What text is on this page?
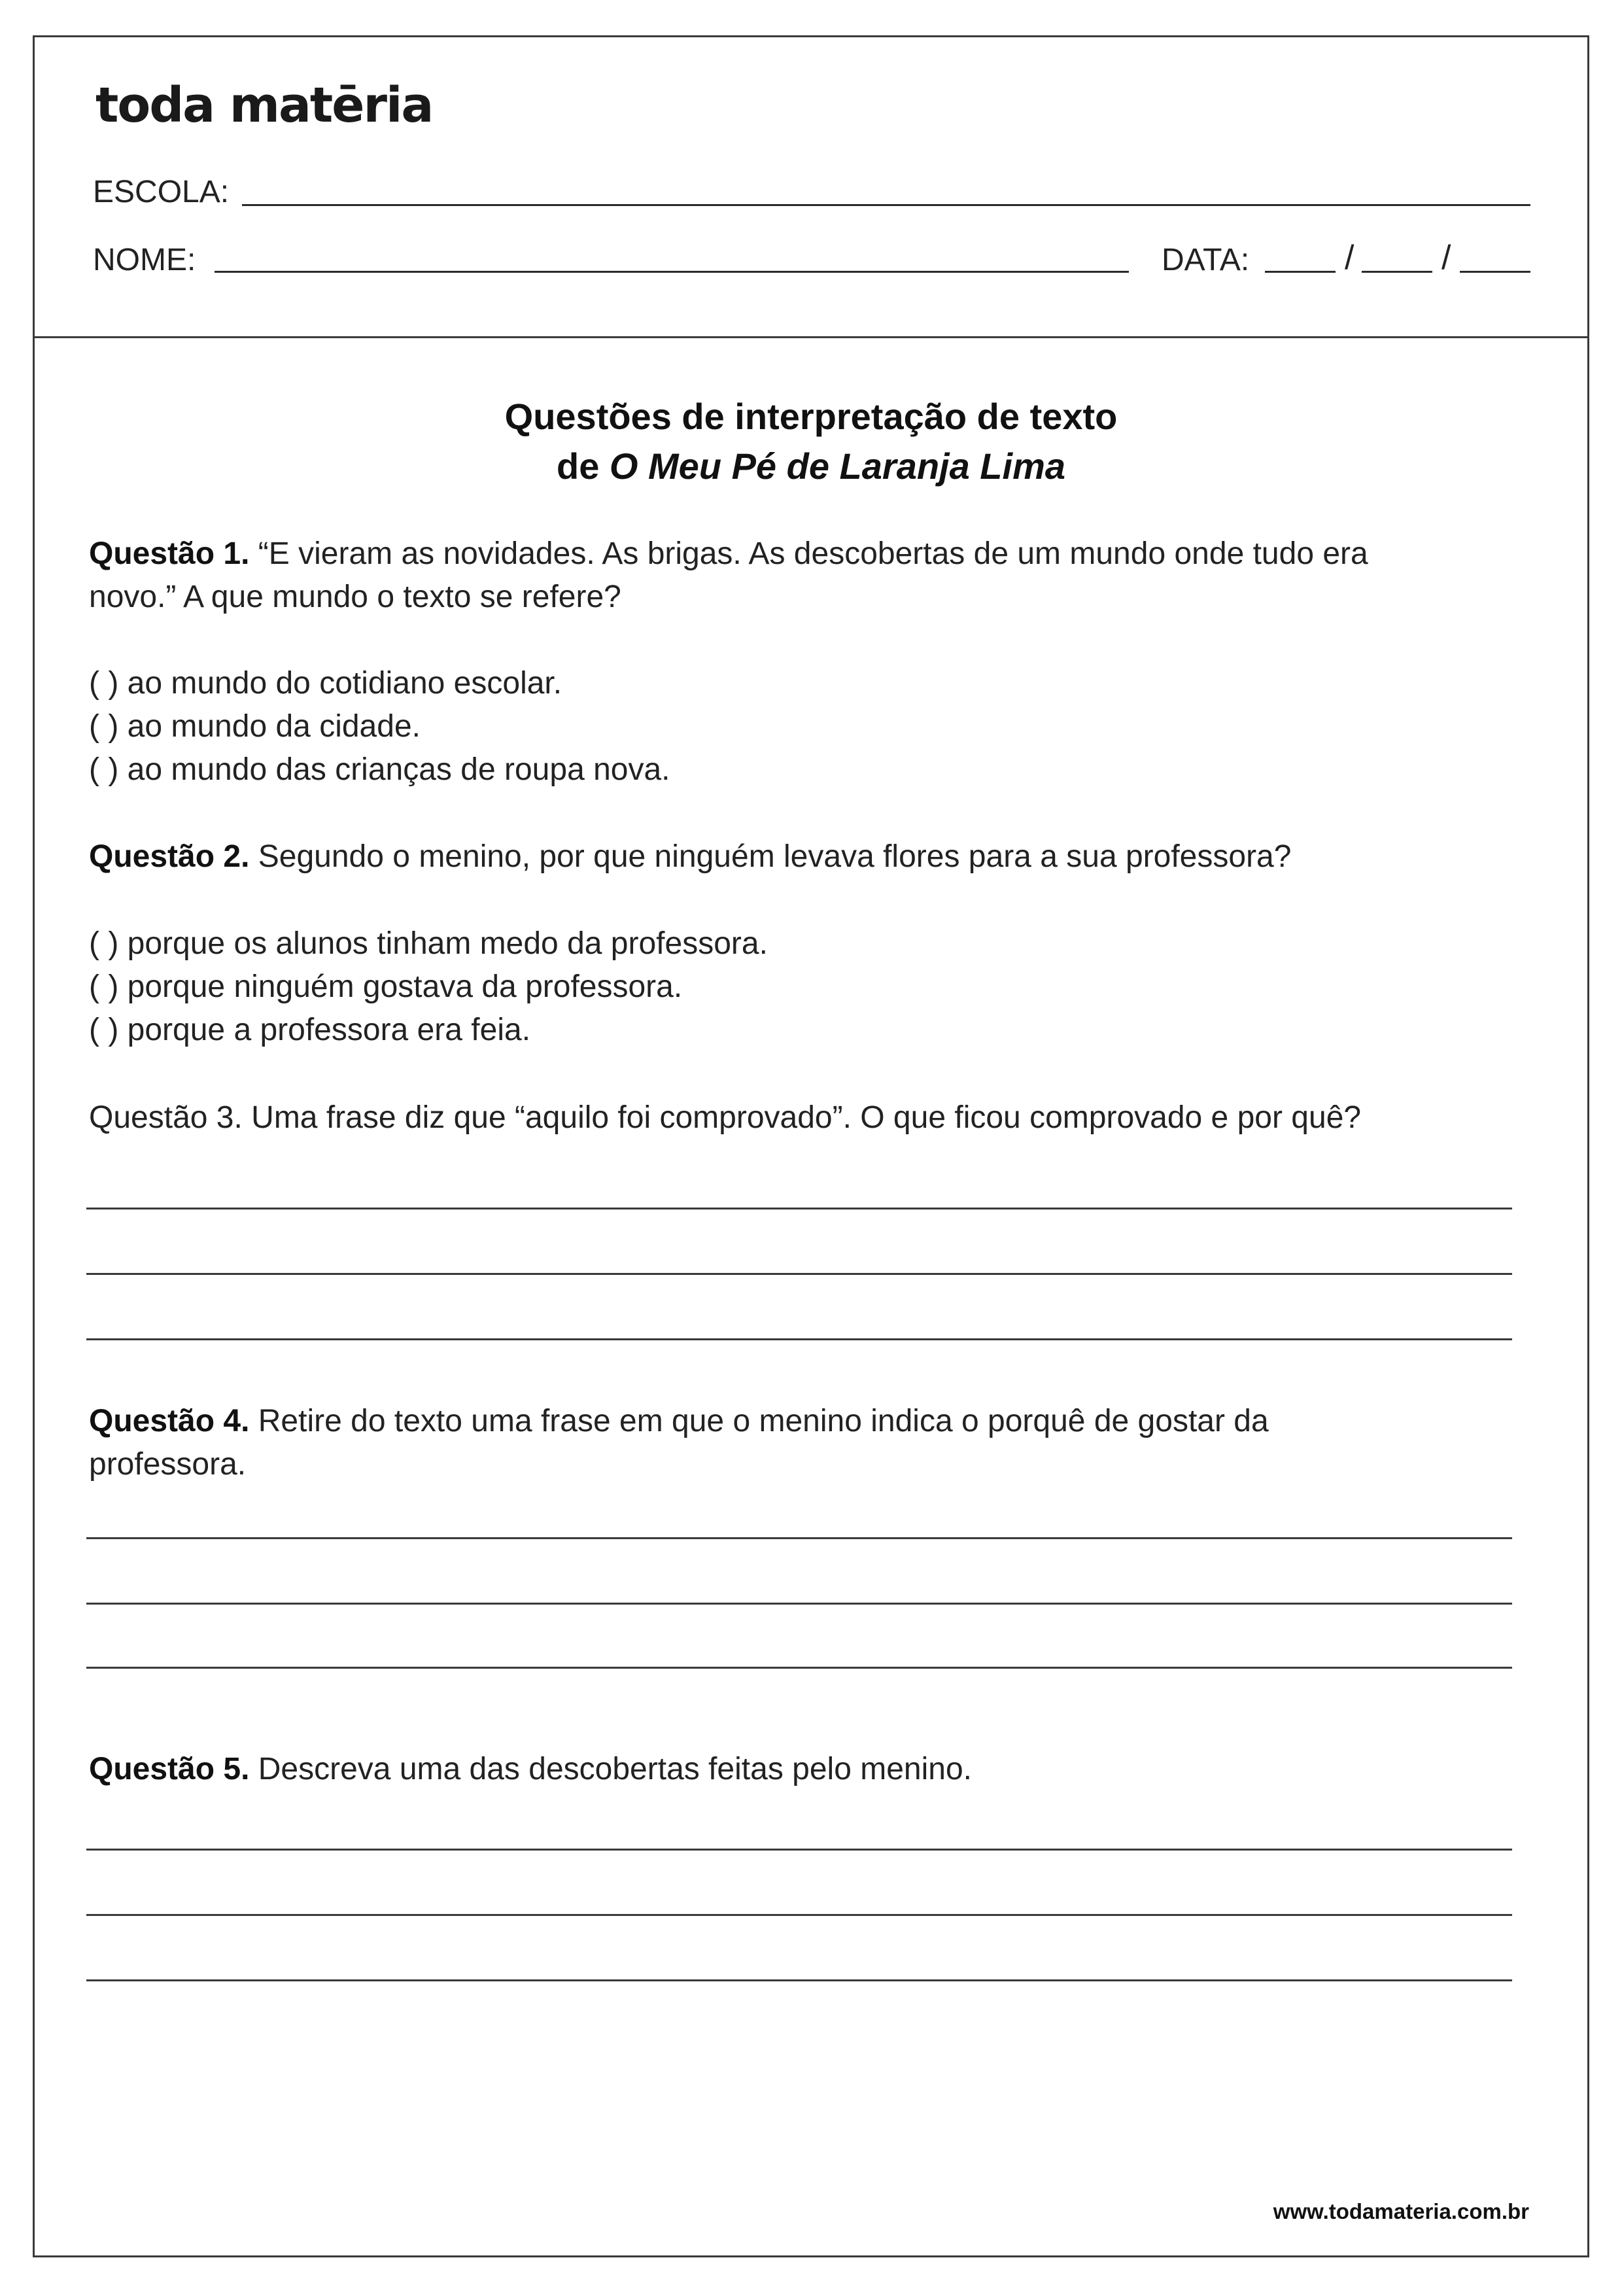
toda matēria
ESCOLA:
NOME:	DATA:	/	/
Questões de interpretação de texto
de O Meu Pé de Laranja Lima
Questão 1. “E vieram as novidades. As brigas. As descobertas de um mundo onde tudo era
novo.” A que mundo o texto se refere?
( ) ao mundo do cotidiano escolar.
( ) ao mundo da cidade.
( ) ao mundo das crianças de roupa nova.
Questão 2. Segundo o menino, por que ninguém levava flores para a sua professora?
( ) porque os alunos tinham medo da professora.
( ) porque ninguém gostava da professora.
( ) porque a professora era feia.
Questão 3. Uma frase diz que “aquilo foi comprovado”. O que ficou comprovado e por quê?
Questão 4. Retire do texto uma frase em que o menino indica o porquê de gostar da
professora.
Questão 5. Descreva uma das descobertas feitas pelo menino.
www.todamateria.com.br
